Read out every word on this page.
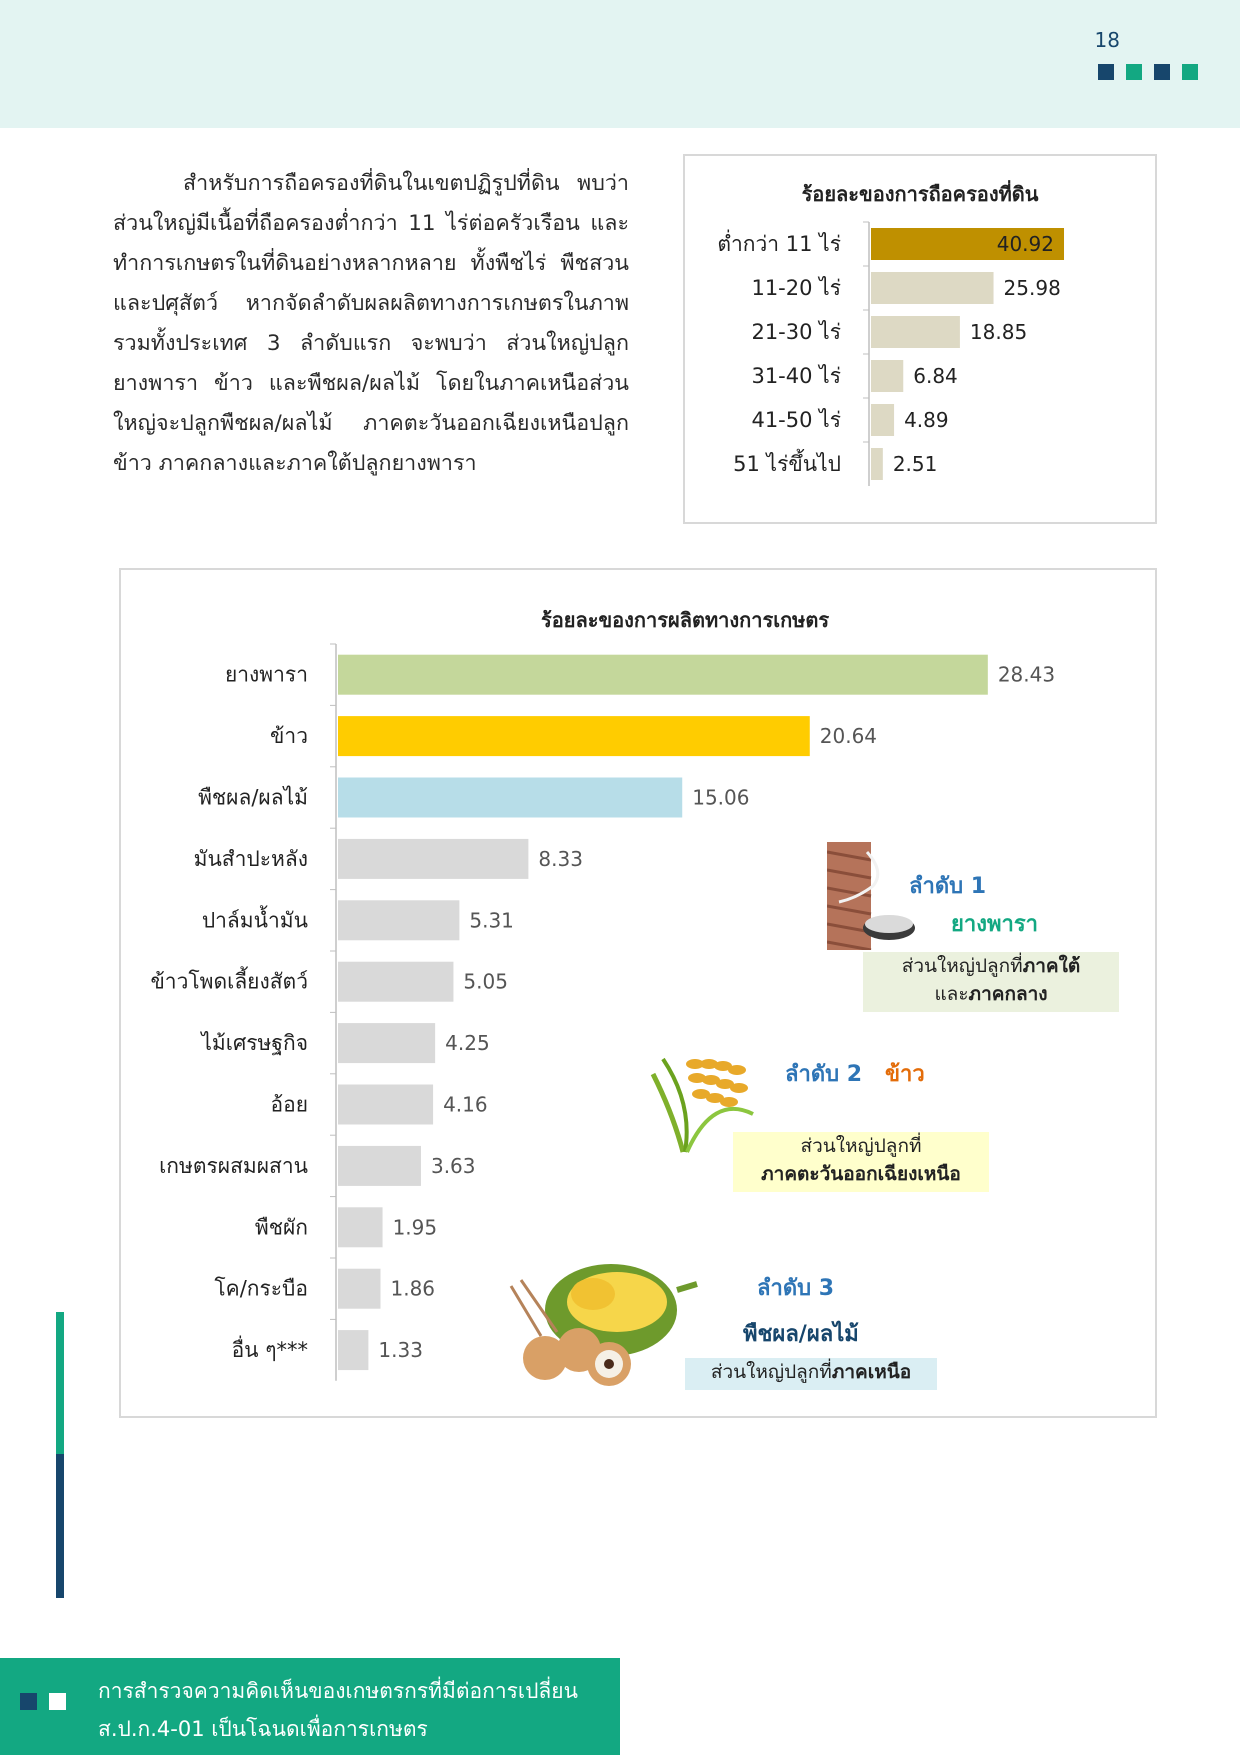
18

สำหรับการถือครองที่ดินในเขตปฏิรูปที่ดิน พบว่า ส่วนใหญ่มีเนื้อที่ถือครองต่ำกว่า 11 ไร่ต่อครัวเรือน และทำการเกษตรในที่ดินอย่างหลากหลาย ทั้งพืชไร่ พืชสวน และปศุสัตว์ หากจัดลำดับผลผลิตทางการเกษตรในภาพรวมทั้งประเทศ 3 ลำดับแรก จะพบว่า ส่วนใหญ่ปลูกยางพารา ข้าว และพืชผล/ผลไม้ โดยในภาคเหนือส่วนใหญ่จะปลูกพืชผล/ผลไม้ ภาคตะวันออกเฉียงเหนือปลูกข้าว ภาคกลางและภาคใต้ปลูกยางพารา

ร้อยละของการถือครองที่ดิน
ต่ำกว่า 11 ไร่	40.92
11-20 ไร่	25.98
21-30 ไร่	18.85
31-40 ไร่	6.84
41-50 ไร่	4.89
51 ไร่ขึ้นไป	2.51
ร้อยละของการผลิตทางการเกษตร
ยางพารา	28.43
ข้าว	20.64
พืชผล/ผลไม้	15.06
มันสำปะหลัง	8.33
ปาล์มน้ำมัน	5.31
ข้าวโพดเลี้ยงสัตว์	5.05
ไม้เศรษฐกิจ	4.25
อ้อย	4.16
เกษตรผสมผสาน	3.63
พืชผัก	1.95
โค/กระบือ	1.86
อื่น ๆ***	1.33
ลำดับ 1
ยางพารา
ส่วนใหญ่ปลูกที่ภาคใต้
และภาคกลาง
ลำดับ 2 ข้าว
ส่วนใหญ่ปลูกที่
ภาคตะวันออกเฉียงเหนือ
ลำดับ 3
พืชผล/ผลไม้
ส่วนใหญ่ปลูกที่ภาคเหนือ
การสำรวจความคิดเห็นของเกษตรกรที่มีต่อการเปลี่ยน
ส.ป.ก.4-01 เป็นโฉนดเพื่อการเกษตร
